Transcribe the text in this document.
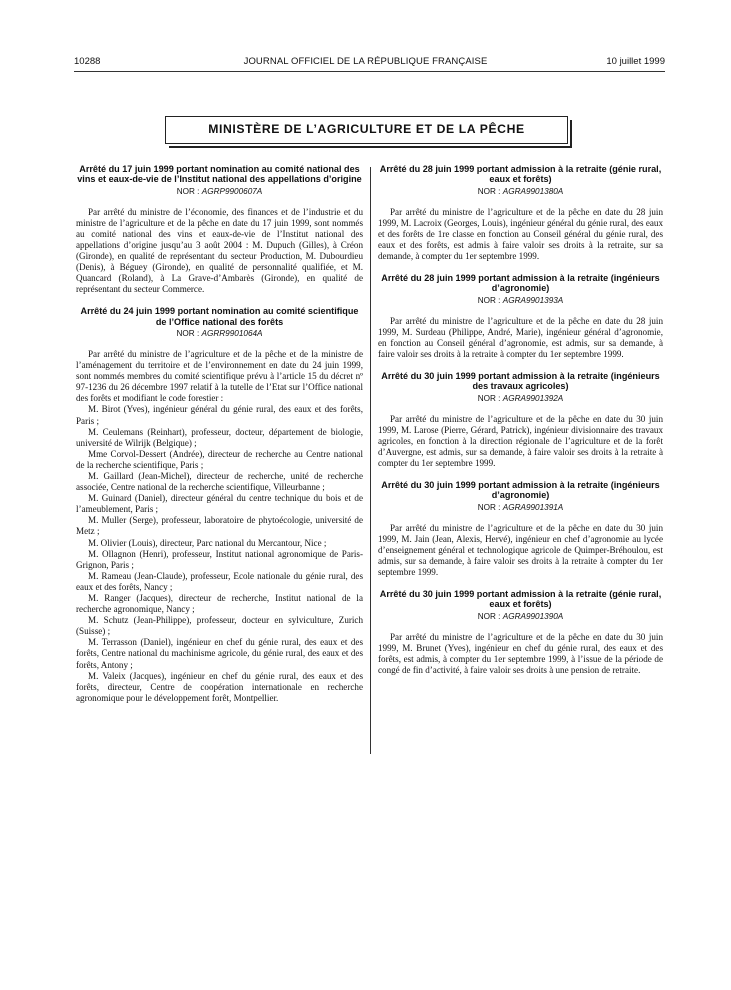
10288	JOURNAL OFFICIEL DE LA RÉPUBLIQUE FRANÇAISE	10 juillet 1999
MINISTÈRE DE L’AGRICULTURE ET DE LA PÊCHE

Arrêté du 17 juin 1999 portant nomination au comité national des vins et eaux-de-vie de l’Institut national des appellations d’origine

NOR : AGRP9900607A

Par arrêté du ministre de l’économie, des finances et de l’industrie et du ministre de l’agriculture et de la pêche en date du 17 juin 1999, sont nommés au comité national des vins et eaux-de-vie de l’Institut national des appellations d’origine jusqu’au 3 août 2004 : M. Dupuch (Gilles), à Créon (Gironde), en qualité de représentant du secteur Production, M. Dubourdieu (Denis), à Béguey (Gironde), en qualité de personnalité qualifiée, et M. Quancard (Roland), à La Grave-d’Ambarès (Gironde), en qualité de représentant du secteur Commerce.

Arrêté du 24 juin 1999 portant nomination au comité scientifique de l’Office national des forêts

NOR : AGRR9901064A

Par arrêté du ministre de l’agriculture et de la pêche et de la ministre de l’aménagement du territoire et de l’environnement en date du 24 juin 1999, sont nommés membres du comité scientifique prévu à l’article 15 du décret nº 97-1236 du 26 décembre 1997 relatif à la tutelle de l’Etat sur l’Office national des forêts et modifiant le code forestier :

M. Birot (Yves), ingénieur général du génie rural, des eaux et des forêts, Paris ;

M. Ceulemans (Reinhart), professeur, docteur, département de biologie, université de Wilrijk (Belgique) ;

Mme Corvol-Dessert (Andrée), directeur de recherche au Centre national de la recherche scientifique, Paris ;

M. Gaillard (Jean-Michel), directeur de recherche, unité de recherche associée, Centre national de la recherche scientifique, Villeurbanne ;

M. Guinard (Daniel), directeur général du centre technique du bois et de l’ameublement, Paris ;

M. Muller (Serge), professeur, laboratoire de phytoécologie, université de Metz ;

M. Olivier (Louis), directeur, Parc national du Mercantour, Nice ;

M. Ollagnon (Henri), professeur, Institut national agronomique de Paris-Grignon, Paris ;

M. Rameau (Jean-Claude), professeur, Ecole nationale du génie rural, des eaux et des forêts, Nancy ;

M. Ranger (Jacques), directeur de recherche, Institut national de la recherche agronomique, Nancy ;

M. Schutz (Jean-Philippe), professeur, docteur en sylviculture, Zurich (Suisse) ;

M. Terrasson (Daniel), ingénieur en chef du génie rural, des eaux et des forêts, Centre national du machinisme agricole, du génie rural, des eaux et des forêts, Antony ;

M. Valeix (Jacques), ingénieur en chef du génie rural, des eaux et des forêts, directeur, Centre de coopération internationale en recherche agronomique pour le développement forêt, Montpellier.

Arrêté du 28 juin 1999 portant admission à la retraite (génie rural, eaux et forêts)

NOR : AGRA9901380A

Par arrêté du ministre de l’agriculture et de la pêche en date du 28 juin 1999, M. Lacroix (Georges, Louis), ingénieur général du génie rural, des eaux et des forêts de 1re classe en fonction au Conseil général du génie rural, des eaux et des forêts, est admis à faire valoir ses droits à la retraite, sur sa demande, à compter du 1er septembre 1999.

Arrêté du 28 juin 1999 portant admission à la retraite (ingénieurs d’agronomie)

NOR : AGRA9901393A

Par arrêté du ministre de l’agriculture et de la pêche en date du 28 juin 1999, M. Surdeau (Philippe, André, Marie), ingénieur général d’agronomie, en fonction au Conseil général d’agronomie, est admis, sur sa demande, à faire valoir ses droits à la retraite à compter du 1er septembre 1999.

Arrêté du 30 juin 1999 portant admission à la retraite (ingénieurs des travaux agricoles)

NOR : AGRA9901392A

Par arrêté du ministre de l’agriculture et de la pêche en date du 30 juin 1999, M. Larose (Pierre, Gérard, Patrick), ingénieur divisionnaire des travaux agricoles, en fonction à la direction régionale de l’agriculture et de la forêt d’Auvergne, est admis, sur sa demande, à faire valoir ses droits à la retraite à compter du 1er septembre 1999.

Arrêté du 30 juin 1999 portant admission à la retraite (ingénieurs d’agronomie)

NOR : AGRA9901391A

Par arrêté du ministre de l’agriculture et de la pêche en date du 30 juin 1999, M. Jain (Jean, Alexis, Hervé), ingénieur en chef d’agronomie au lycée d’enseignement général et technologique agricole de Quimper-Bréhoulou, est admis, sur sa demande, à faire valoir ses droits à la retraite à compter du 1er septembre 1999.

Arrêté du 30 juin 1999 portant admission à la retraite (génie rural, eaux et forêts)

NOR : AGRA9901390A

Par arrêté du ministre de l’agriculture et de la pêche en date du 30 juin 1999, M. Brunet (Yves), ingénieur en chef du génie rural, des eaux et des forêts, est admis, à compter du 1er septembre 1999, à l’issue de la période de congé de fin d’activité, à faire valoir ses droits à une pension de retraite.
